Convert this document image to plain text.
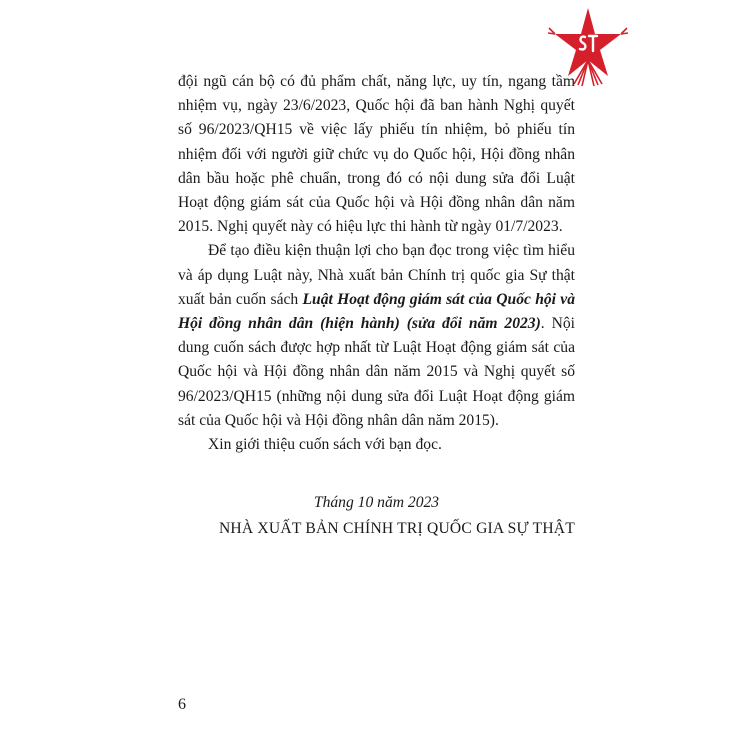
đội ngũ cán bộ có đủ phẩm chất, năng lực, uy tín, ngang tầm nhiệm vụ, ngày 23/6/2023, Quốc hội đã ban hành Nghị quyết số 96/2023/QH15 về việc lấy phiếu tín nhiệm, bỏ phiếu tín nhiệm đối với người giữ chức vụ do Quốc hội, Hội đồng nhân dân bầu hoặc phê chuẩn, trong đó có nội dung sửa đổi Luật Hoạt động giám sát của Quốc hội và Hội đồng nhân dân năm 2015. Nghị quyết này có hiệu lực thi hành từ ngày 01/7/2023.

Để tạo điều kiện thuận lợi cho bạn đọc trong việc tìm hiểu và áp dụng Luật này, Nhà xuất bản Chính trị quốc gia Sự thật xuất bản cuốn sách Luật Hoạt động giám sát của Quốc hội và Hội đồng nhân dân (hiện hành) (sửa đổi năm 2023). Nội dung cuốn sách được hợp nhất từ Luật Hoạt động giám sát của Quốc hội và Hội đồng nhân dân năm 2015 và Nghị quyết số 96/2023/QH15 (những nội dung sửa đổi Luật Hoạt động giám sát của Quốc hội và Hội đồng nhân dân năm 2015).

Xin giới thiệu cuốn sách với bạn đọc.

Tháng 10 năm 2023
NHÀ XUẤT BẢN CHÍNH TRỊ QUỐC GIA SỰ THẬT
6
